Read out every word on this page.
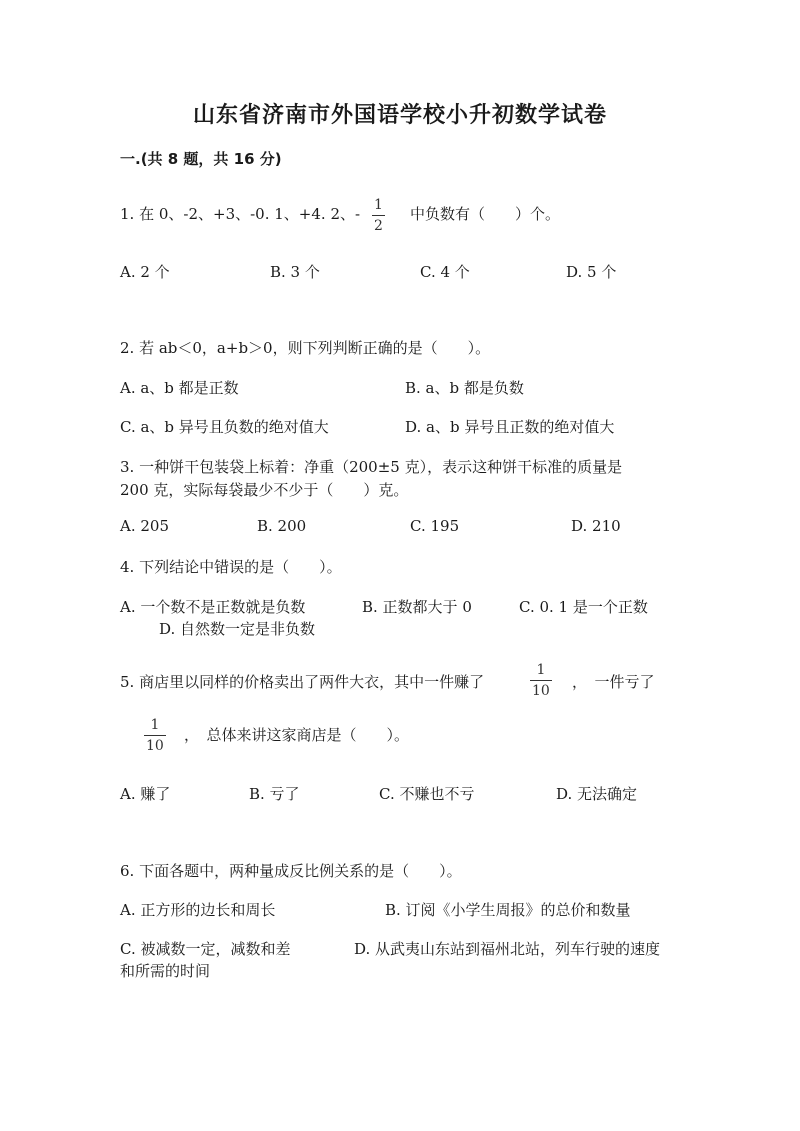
山东省济南市外国语学校小升初数学试卷
一.(共 8 题，共 16 分)
1. 在 0、-2、+3、-0. 1、+4. 2、- 1
2
中负数有（　　）个。
A. 2 个	B. 3 个	C. 4 个	D. 5 个
2. 若 ab＜0，a+b＞0，则下列判断正确的是（　　）。
A. a、b 都是正数	B. a、b 都是负数
C. a、b 异号且负数的绝对值大	D. a、b 异号且正数的绝对值大
3. 一种饼干包装袋上标着：净重（200±5 克），表示这种饼干标准的质量是
200 克，实际每袋最少不少于（　　）克。
A. 205	B. 200	C. 195	D. 210
4. 下列结论中错误的是（　　）。
A. 一个数不是正数就是负数	B. 正数都大于 0	C. 0. 1 是一个正数
D. 自然数一定是非负数
5. 商店里以同样的价格卖出了两件大衣，其中一件赚了
1
10 ，　一件亏了
1
10
，　总体来讲这家商店是（　　）。
A. 赚了	B. 亏了	C. 不赚也不亏	D. 无法确定
6. 下面各题中，两种量成反比例关系的是（　　）。
A. 正方形的边长和周长	B. 订阅《小学生周报》的总价和数量
C. 被减数一定，减数和差	D. 从武夷山东站到福州北站，列车行驶的速度
和所需的时间
